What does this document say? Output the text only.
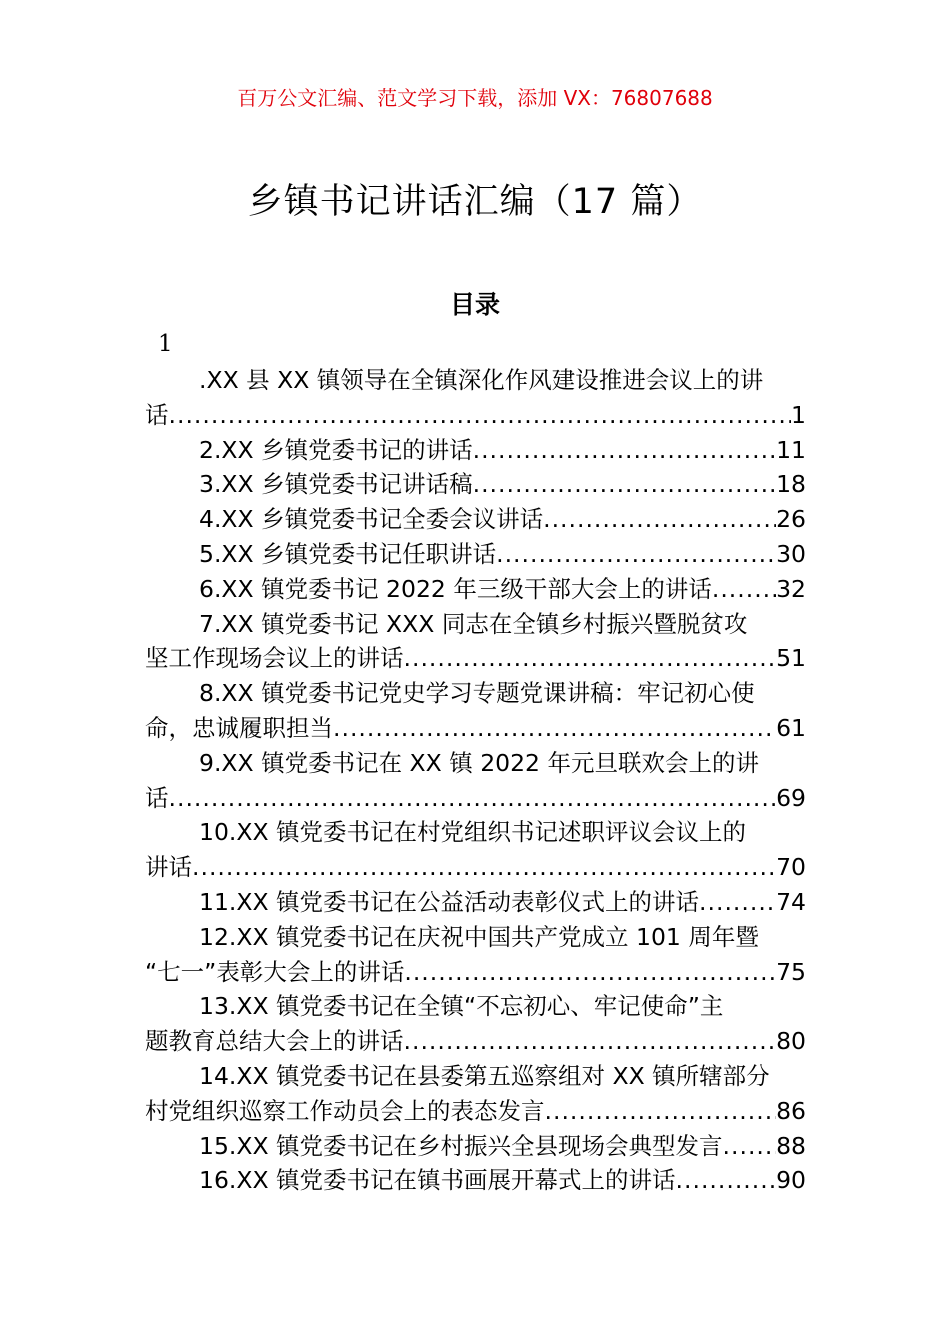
百万公文汇编、范文学习下载，添加 VX：76807688
乡镇书记讲话汇编（17 篇）
目录
1
.XX 县 XX 镇领导在全镇深化作风建设推进会议上的讲
话 .....	1
2.XX 乡镇党委书记的讲话 .....	11
3.XX 乡镇党委书记讲话稿 .....	18
4.XX 乡镇党委书记全委会议讲话 .....	26
5.XX 乡镇党委书记任职讲话 .....	30
6.XX 镇党委书记 2022 年三级干部大会上的讲话 .....	32
7.XX 镇党委书记 XXX 同志在全镇乡村振兴暨脱贫攻
坚工作现场会议上的讲话 .....	51
8.XX 镇党委书记党史学习专题党课讲稿：牢记初心使
命，忠诚履职担当 .....	61
9.XX 镇党委书记在 XX 镇 2022 年元旦联欢会上的讲
话 .....	69
10.XX 镇党委书记在村党组织书记述职评议会议上的
讲话 .....	70
11.XX 镇党委书记在公益活动表彰仪式上的讲话 .....	74
12.XX 镇党委书记在庆祝中国共产党成立 101 周年暨
“七一”表彰大会上的讲话 .....	75
13.XX 镇党委书记在全镇“不忘初心、牢记使命”主
题教育总结大会上的讲话 .....	80
14.XX 镇党委书记在县委第五巡察组对 XX 镇所辖部分
村党组织巡察工作动员会上的表态发言 .....	86
15.XX 镇党委书记在乡村振兴全县现场会典型发言 ..... 88
16.XX 镇党委书记在镇书画展开幕式上的讲话 .....	90
